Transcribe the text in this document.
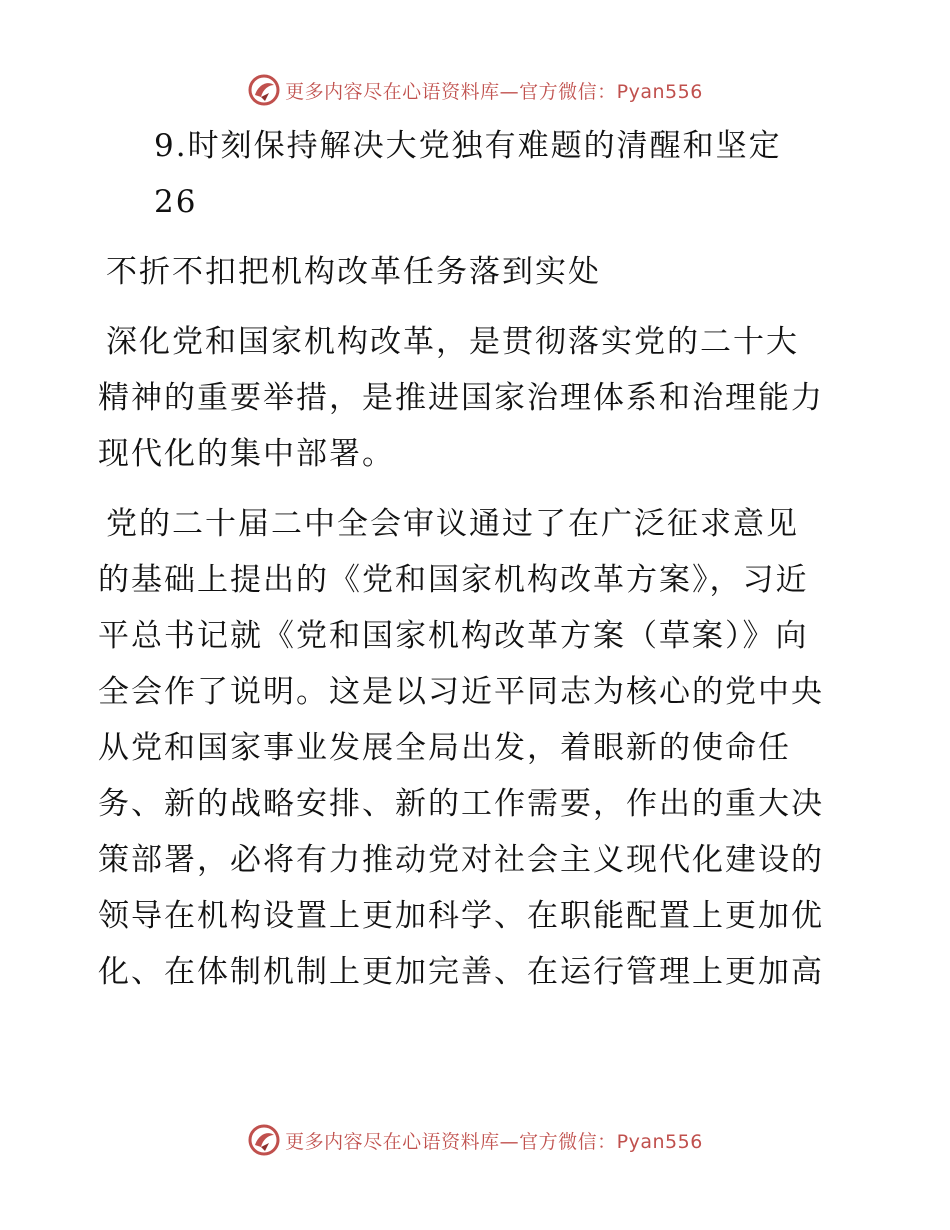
更多内容尽在心语资料库—官方微信：Pyan556

9.时刻保持解决大党独有难题的清醒和坚定

26

不折不扣把机构改革任务落到实处

深化党和国家机构改革，是贯彻落实党的二十大

精神的重要举措，是推进国家治理体系和治理能力

现代化的集中部署。

党的二十届二中全会审议通过了在广泛征求意见

的基础上提出的《党和国家机构改革方案》，习近

平总书记就《党和国家机构改革方案（草案）》向

全会作了说明。这是以习近平同志为核心的党中央

从党和国家事业发展全局出发，着眼新的使命任

务、新的战略安排、新的工作需要，作出的重大决

策部署，必将有力推动党对社会主义现代化建设的

领导在机构设置上更加科学、在职能配置上更加优

化、在体制机制上更加完善、在运行管理上更加高

更多内容尽在心语资料库—官方微信：Pyan556
